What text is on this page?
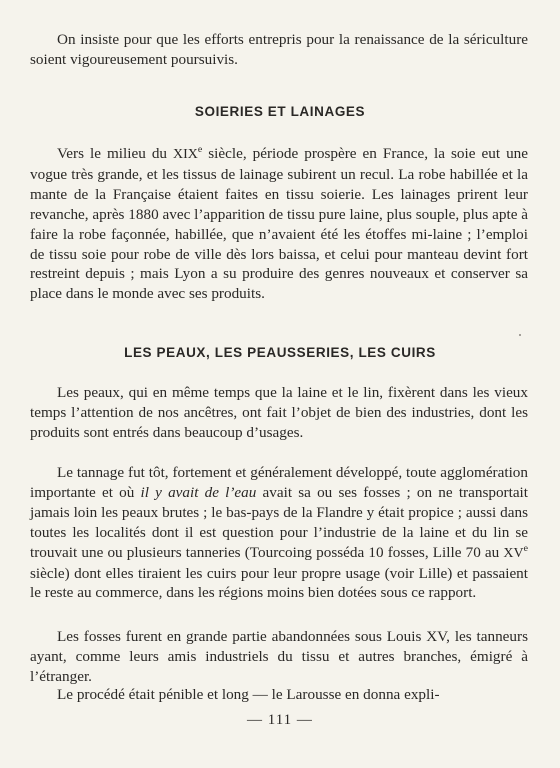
On insiste pour que les efforts entrepris pour la renaissance de la sériculture soient vigoureusement poursuivis.

SOIERIES ET LAINAGES

Vers le milieu du XIXe siècle, période prospère en France, la soie eut une vogue très grande, et les tissus de lainage subirent un recul. La robe habillée et la mante de la Française étaient faites en tissu soierie. Les lainages prirent leur revanche, après 1880 avec l’apparition de tissu pure laine, plus souple, plus apte à faire la robe façonnée, habillée, que n’avaient été les étoffes mi-laine ; l’emploi de tissu soie pour robe de ville dès lors baissa, et celui pour manteau devint fort restreint depuis ; mais Lyon a su produire des genres nouveaux et conserver sa place dans le monde avec ses produits.

LES PEAUX, LES PEAUSSERIES, LES CUIRS

Les peaux, qui en même temps que la laine et le lin, fixèrent dans les vieux temps l’attention de nos ancêtres, ont fait l’objet de bien des industries, dont les produits sont entrés dans beaucoup d’usages.

Le tannage fut tôt, fortement et généralement développé, toute agglomération importante et où il y avait de l’eau avait sa ou ses fosses ; on ne transportait jamais loin les peaux brutes ; le bas-pays de la Flandre y était propice ; aussi dans toutes les localités dont il est question pour l’industrie de la laine et du lin se trouvait une ou plusieurs tanneries (Tourcoing posséda 10 fosses, Lille 70 au XVe siècle) dont elles tiraient les cuirs pour leur propre usage (voir Lille) et passaient le reste au commerce, dans les régions moins bien dotées sous ce rapport.

Les fosses furent en grande partie abandonnées sous Louis XV, les tanneurs ayant, comme leurs amis industriels du tissu et autres branches, émigré à l’étranger.

Le procédé était pénible et long — le Larousse en donna expli-

— 111 —
